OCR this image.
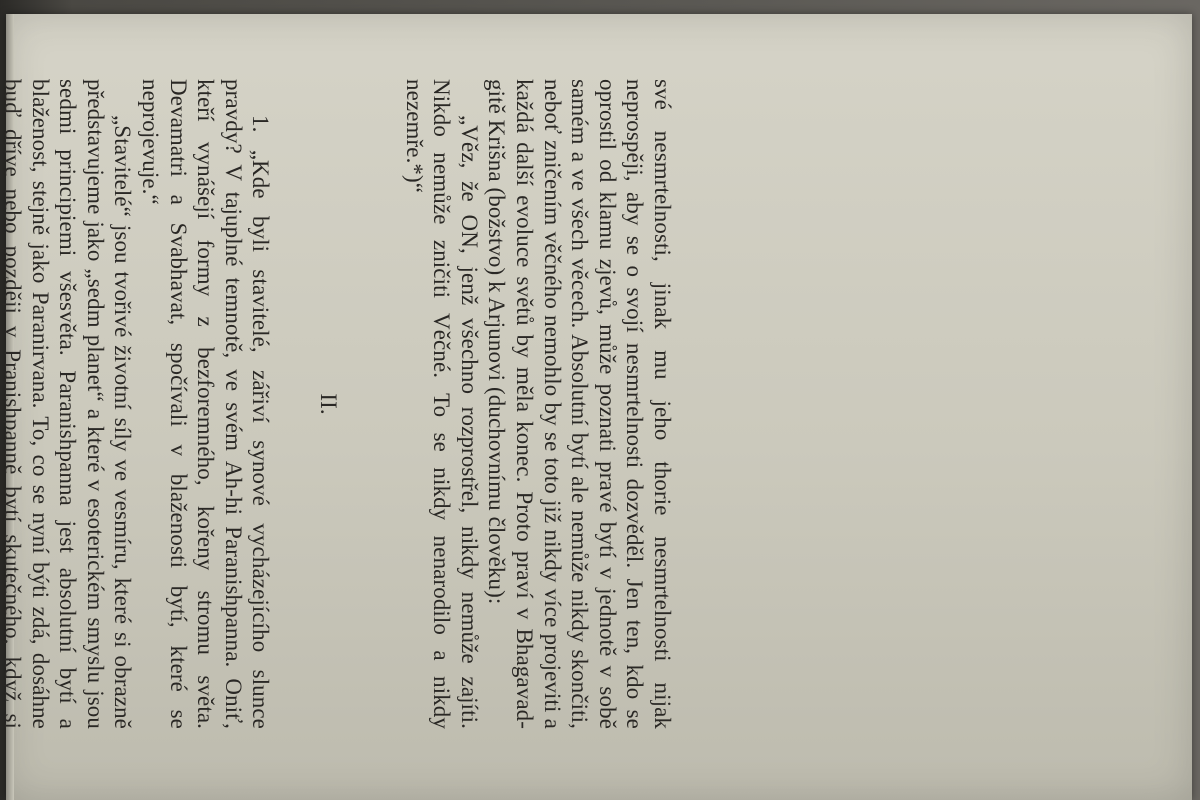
své nesmrtelnosti, jinak mu jeho thorie nesmrtelnosti nijak neprospěji, aby se o svojí nesmrtelnosti dozvěděl. Jen ten, kdo se oprostil od klamu zjevů, může poznati pravé bytí v jednotě v sobě samém a ve všech věcech. Absolutní bytí ale nemůže nikdy skončiti, neboť zničením věčného nemohlo by se toto již nikdy více projeviti a každá další evoluce světů by měla konec. Proto praví v Bhagavad-gitě Krišna (božstvo) k Arjunovi (duchovnímu člověku):

„Věz, že ON, jenž všechno rozprostřel, nikdy nemůže zajíti. Nikdo nemůže zničiti Věčné. To se nikdy nenarodilo a nikdy nezemře.*)“

II.

1. „Kde byli stavitelé, zářiví synové vycházejícího slunce pravdy? V tajuplné temnotě, ve svém Ah-hi Paranishpanna. Oniť, kteří vynášejí formy z bezforemného, kořeny stromu světa. Devamatri a Svabhavat, spočívali v blaženosti bytí, které se neprojevuje.“

„Stavitelé“ jsou tvořivé životní síly ve vesmíru, které si obrazně představujeme jako „sedm planet“ a které v esoterickém smyslu jsou sedmi principiemi všesvěta. Paranishpanna jest absolutní bytí a blaženost, stejně jako Paranirvana. To, co se nyní býti zdá, dosáhne buď dříve nebo později v Pranishpanně bytí skutečného, když si
